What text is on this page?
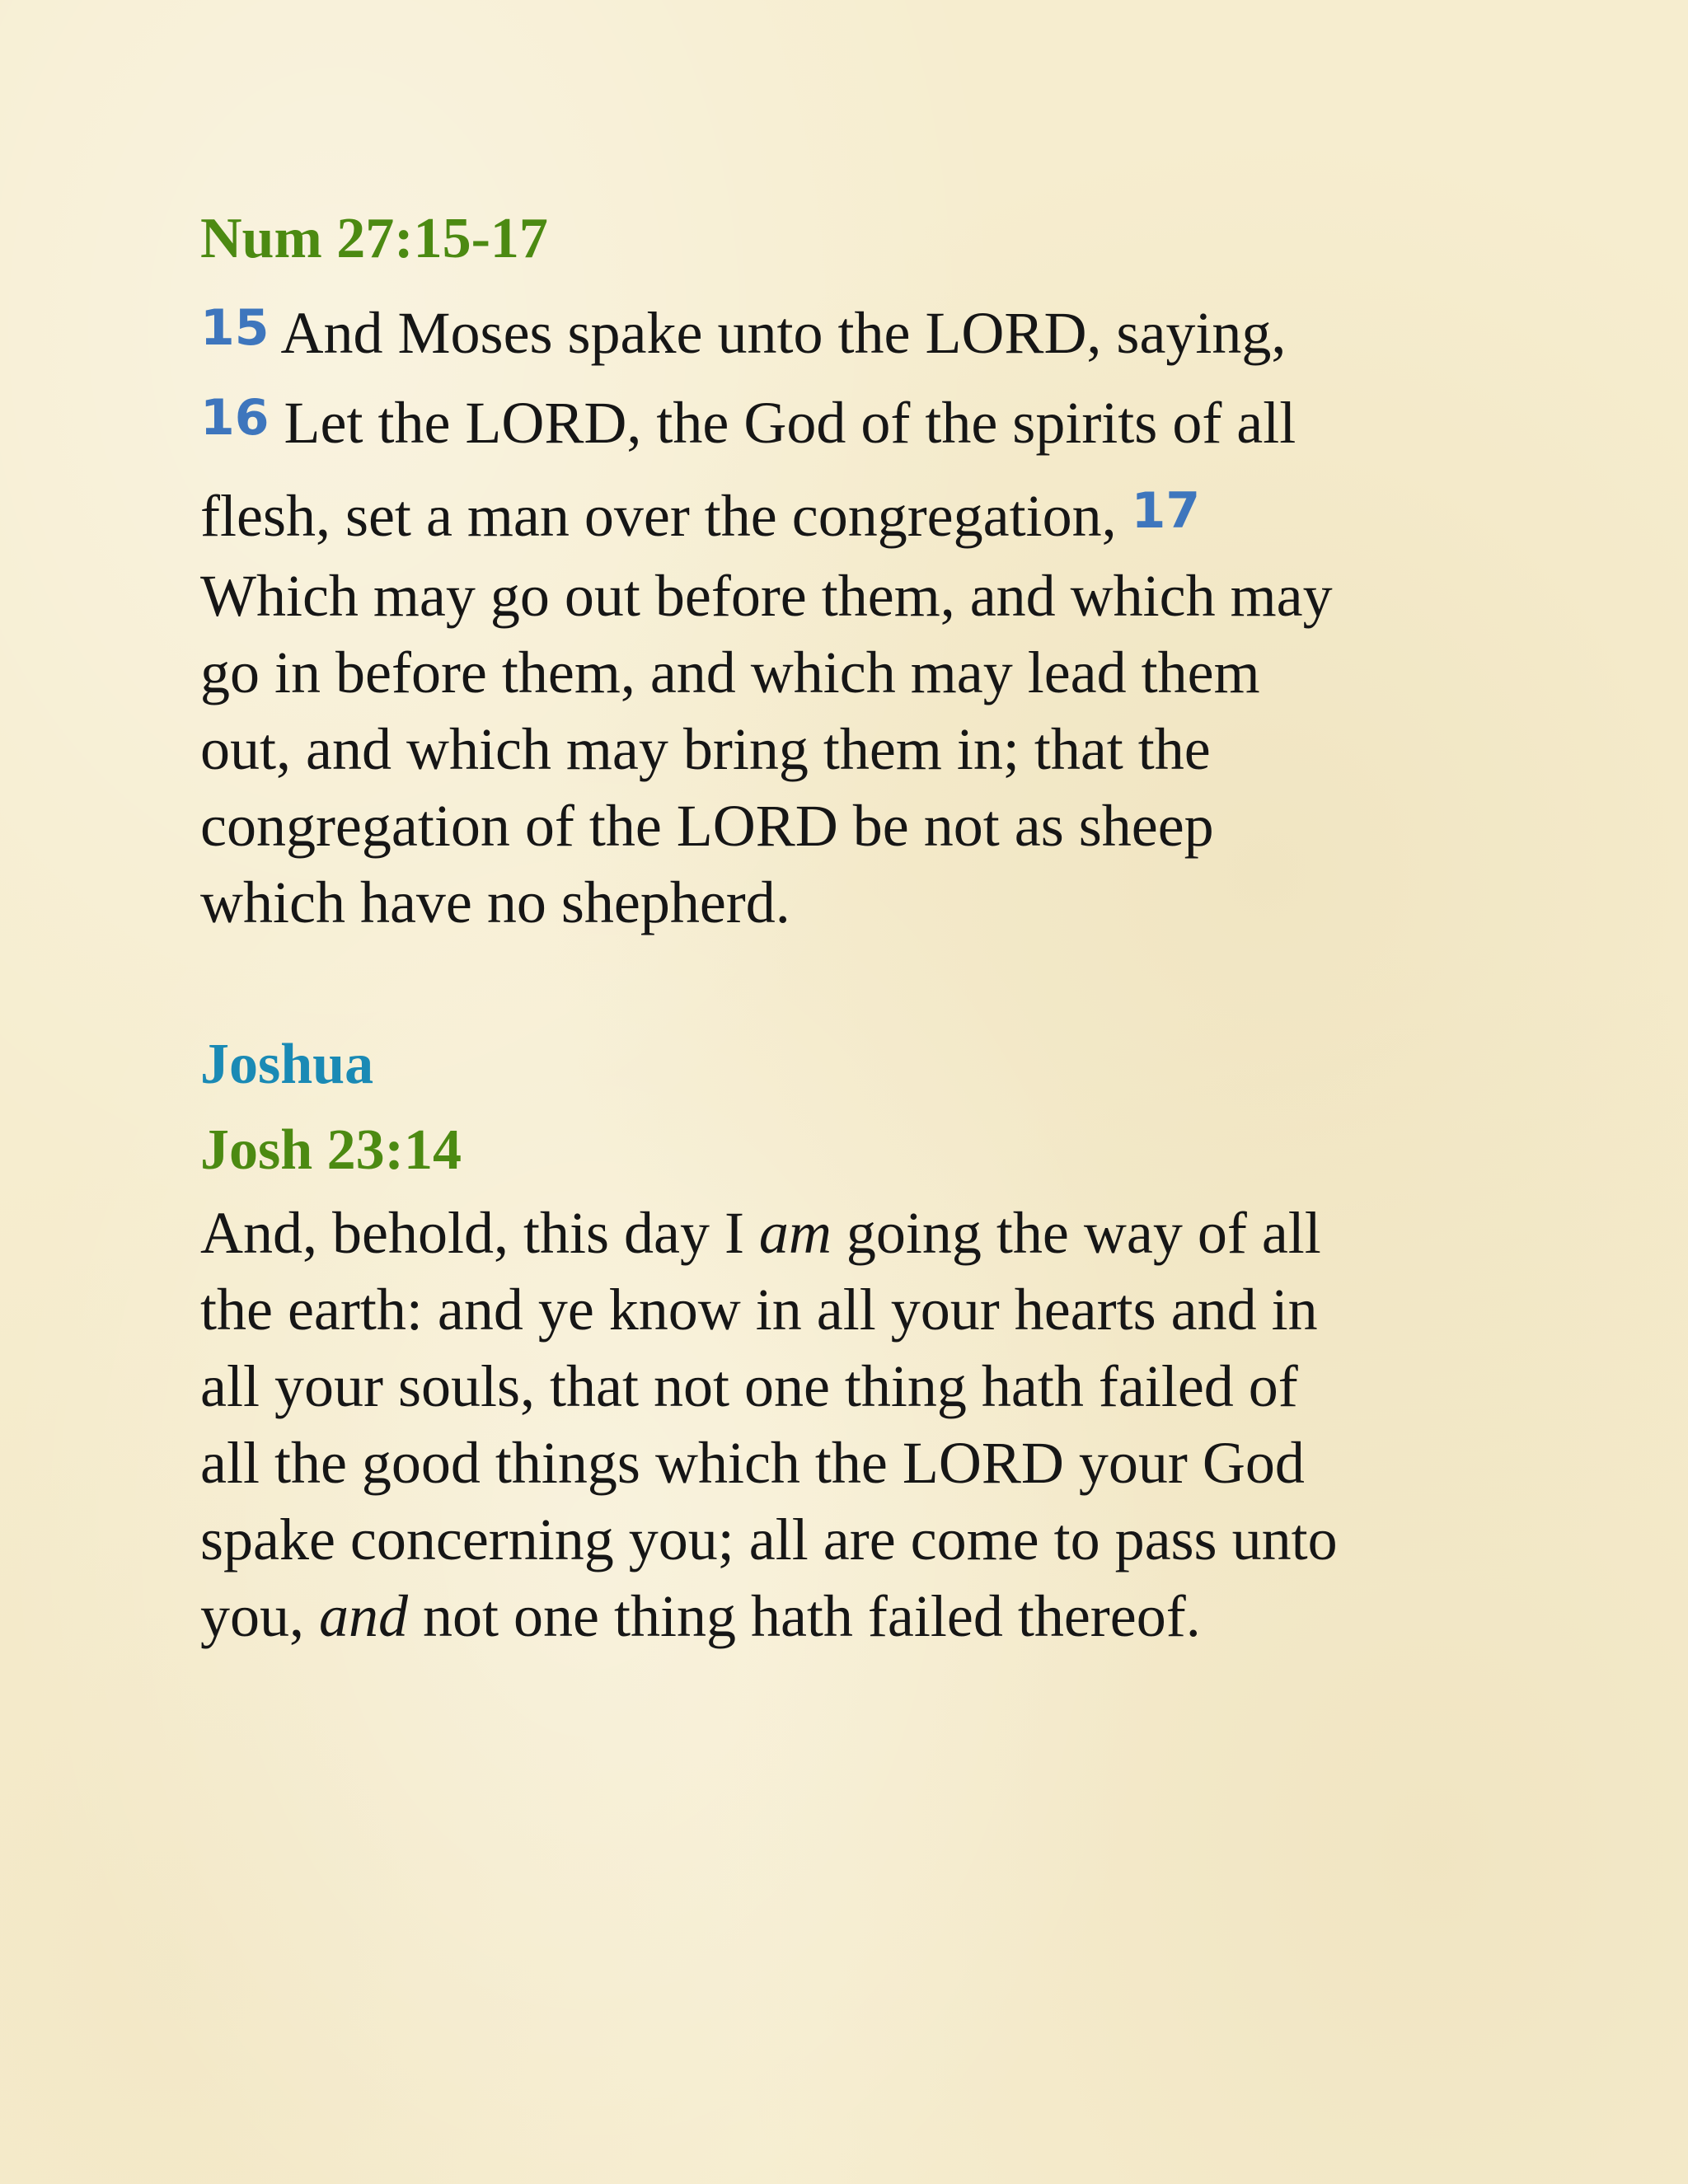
Num 27:15-17
15 And Moses spake unto the LORD, saying,
16 Let the LORD, the God of the spirits of all
flesh, set a man over the congregation, 17
Which may go out before them, and which may
go in before them, and which may lead them
out, and which may bring them in; that the
congregation of the LORD be not as sheep
which have no shepherd.
Joshua
Josh 23:14
And, behold, this day I am going the way of all
the earth: and ye know in all your hearts and in
all your souls, that not one thing hath failed of
all the good things which the LORD your God
spake concerning you; all are come to pass unto
you, and not one thing hath failed thereof.
